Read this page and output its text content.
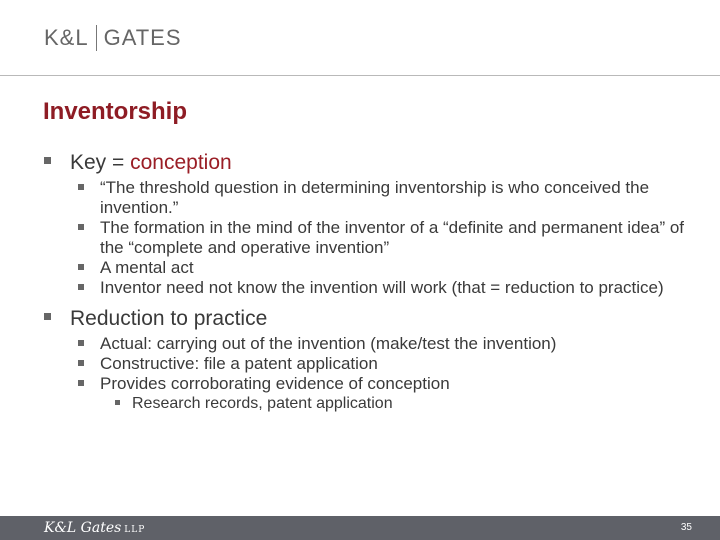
K&L GATES
Inventorship
Key = conception
“The threshold question in determining inventorship is who conceived the invention.”
The formation in the mind of the inventor of a “definite and permanent idea” of the “complete and operative invention”
A mental act
Inventor need not know the invention will work (that = reduction to practice)
Reduction to practice
Actual: carrying out of the invention (make/test the invention)
Constructive: file a patent application
Provides corroborating evidence of conception
Research records, patent application
K&L Gates LLP	35
